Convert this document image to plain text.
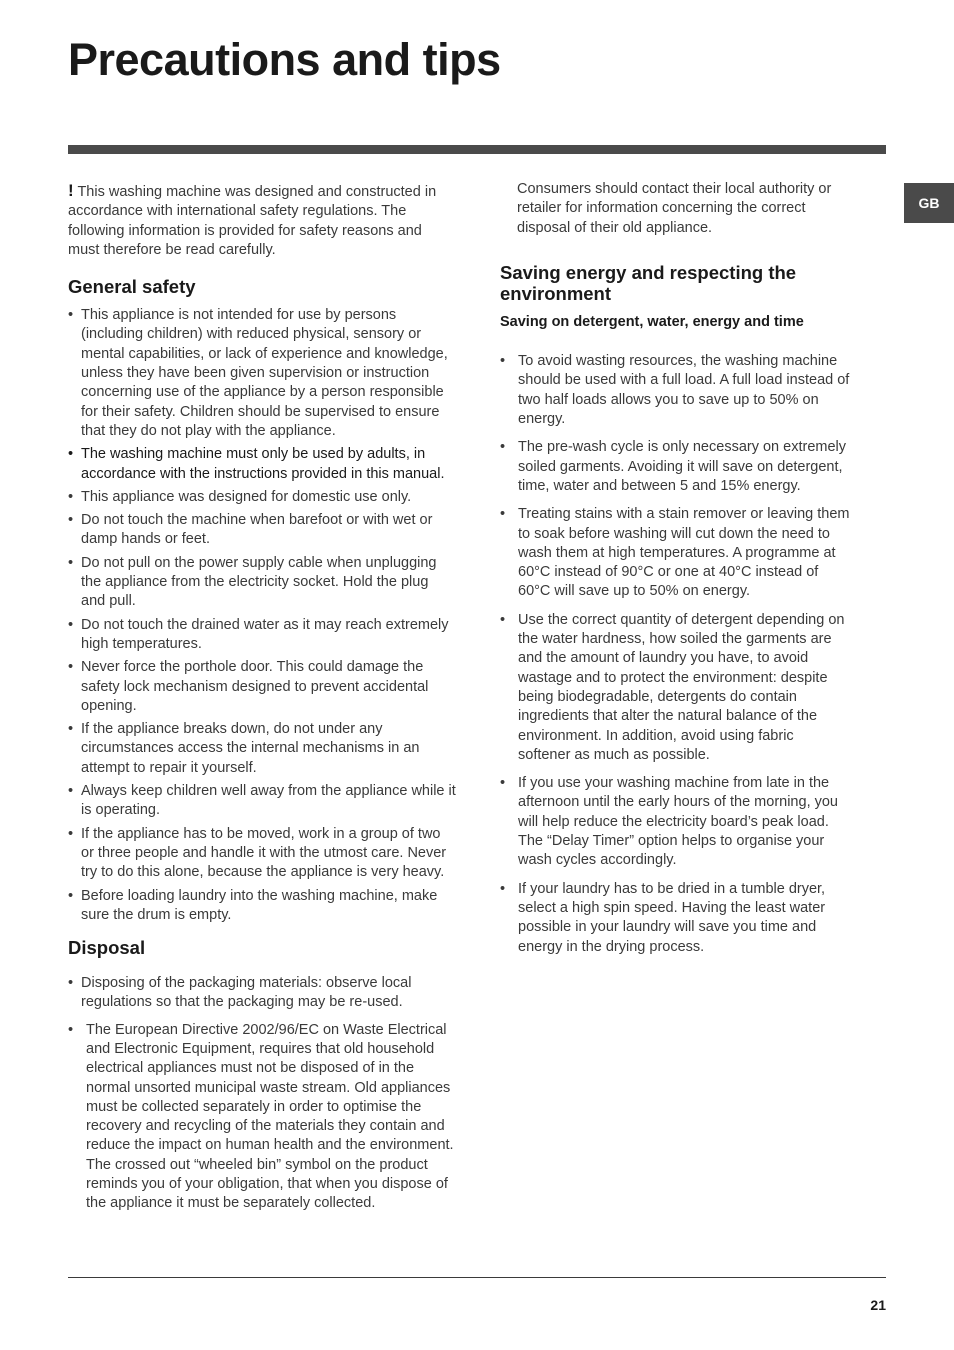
Precautions and tips
GB

! This washing machine was designed and constructed in accordance with international safety regulations. The following information is provided for safety reasons and must therefore be read carefully.

General safety
• This appliance is not intended for use by persons (including children) with reduced physical, sensory or mental capabilities, or lack of experience and knowledge, unless they have been given supervision or instruction concerning use of the appliance by a person responsible for their safety. Children should be supervised to ensure that they do not play with the appliance.
• The washing machine must only be used by adults, in accordance with the instructions provided in this manual.
• This appliance was designed for domestic use only.
• Do not touch the machine when barefoot or with wet or damp hands or feet.
• Do not pull on the power supply cable when unplugging the appliance from the electricity socket. Hold the plug and pull.
• Do not touch the drained water as it may reach extremely high temperatures.
• Never force the porthole door. This could damage the safety lock mechanism designed to prevent accidental opening.
• If the appliance breaks down, do not under any circumstances access the internal mechanisms in an attempt to repair it yourself.
• Always keep children well away from the appliance while it is operating.
• If the appliance has to be moved, work in a group of two or three people and handle it with the utmost care. Never try to do this alone, because the appliance is very heavy.
• Before loading laundry into the washing machine, make sure the drum is empty.
Disposal
• Disposing of the packaging materials: observe local regulations so that the packaging may be re-used.
• The European Directive 2002/96/EC on Waste Electrical and Electronic Equipment, requires that old household electrical appliances must not be disposed of in the normal unsorted municipal waste stream. Old appliances must be collected separately in order to optimise the recovery and recycling of the materials they contain and reduce the impact on human health and the environment. The crossed out “wheeled bin” symbol on the product reminds you of your obligation, that when you dispose of the appliance it must be separately collected.

Consumers should contact their local authority or retailer for information concerning the correct disposal of their old appliance.

Saving energy and respecting the environment
Saving on detergent, water, energy and time
• To avoid wasting resources, the washing machine should be used with a full load. A full load instead of two half loads allows you to save up to 50% on energy.
• The pre-wash cycle is only necessary on extremely soiled garments. Avoiding it will save on detergent, time, water and between 5 and 15% energy.
• Treating stains with a stain remover or leaving them to soak before washing will cut down the need to wash them at high temperatures. A programme at 60°C instead of 90°C or one at 40°C instead of 60°C will save up to 50% on energy.
• Use the correct quantity of detergent depending on the water hardness, how soiled the garments are and the amount of laundry you have, to avoid wastage and to protect the environment: despite being biodegradable, detergents do contain ingredients that alter the natural balance of the environment. In addition, avoid using fabric softener as much as possible.
• If you use your washing machine from late in the afternoon until the early hours of the morning, you will help reduce the electricity board’s peak load. The “Delay Timer” option helps to organise your wash cycles accordingly.
• If your laundry has to be dried in a tumble dryer, select a high spin speed. Having the least water possible in your laundry will save you time and energy in the drying process.
21
